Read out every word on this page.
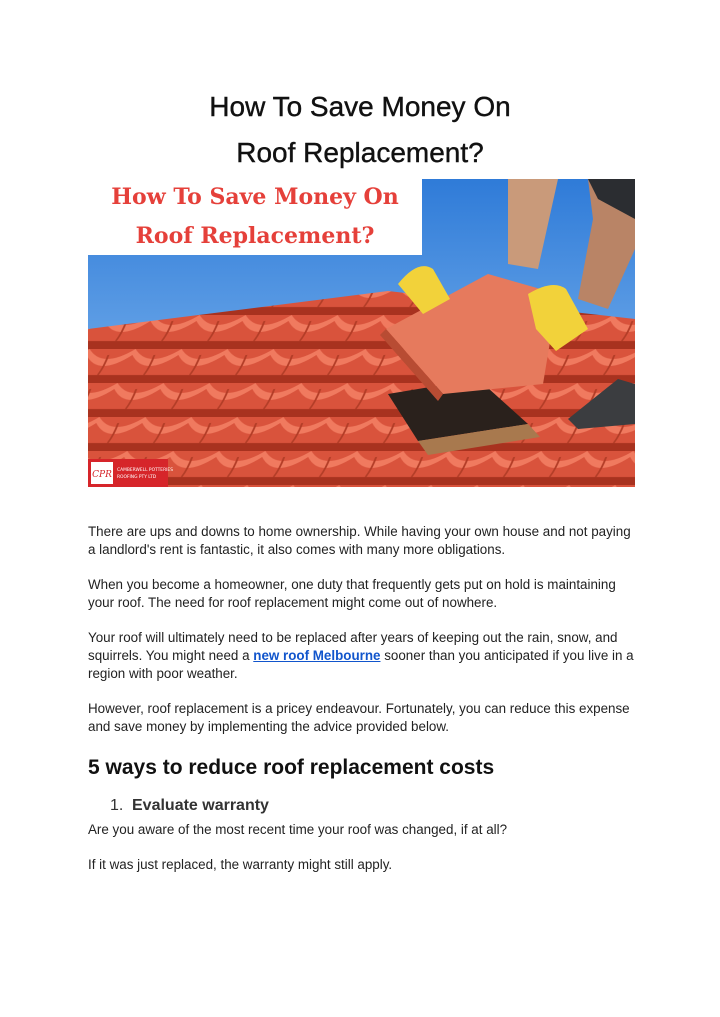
How To Save Money On
Roof Replacement?
How To Save Money On
Roof Replacement?
CPR CAMBERWELL POTTERIES
ROOFING PTY LTD

There are ups and downs to home ownership. While having your own house and not paying a landlord's rent is fantastic, it also comes with many more obligations.

When you become a homeowner, one duty that frequently gets put on hold is maintaining your roof. The need for roof replacement might come out of nowhere.

Your roof will ultimately need to be replaced after years of keeping out the rain, snow, and squirrels. You might need a new roof Melbourne sooner than you anticipated if you live in a region with poor weather.

However, roof replacement is a pricey endeavour. Fortunately, you can reduce this expense and save money by implementing the advice provided below.

5 ways to reduce roof replacement costs
1. Evaluate warranty

Are you aware of the most recent time your roof was changed, if at all?

If it was just replaced, the warranty might still apply.
